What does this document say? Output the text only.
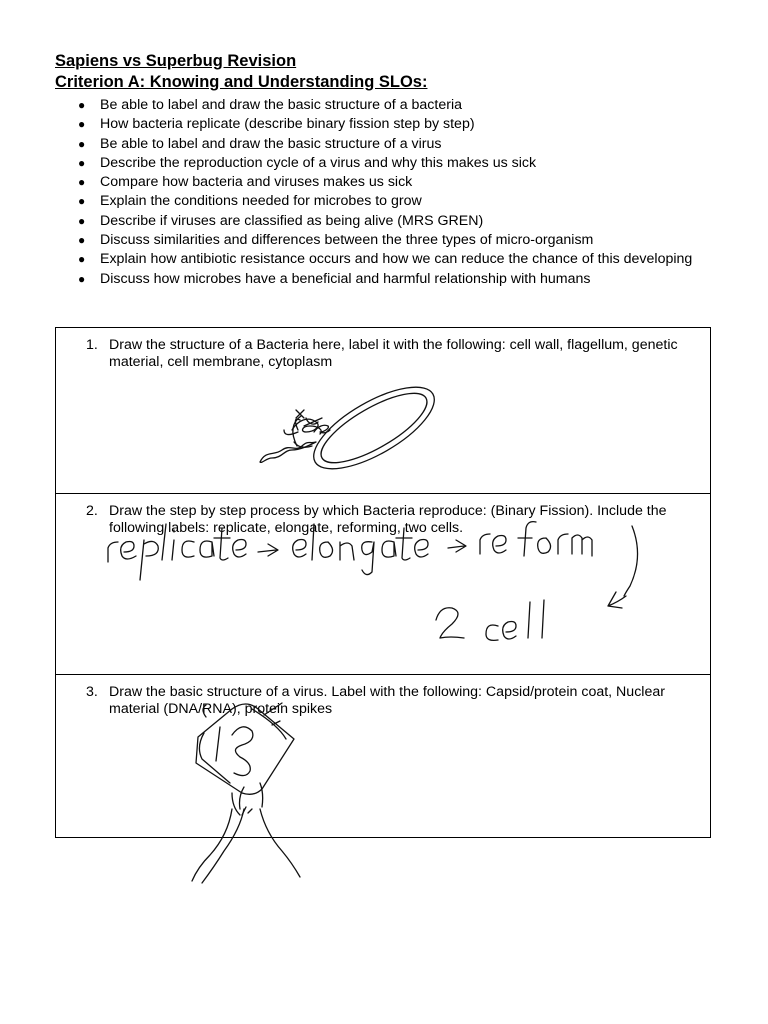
Sapiens vs Superbug Revision
Criterion A: Knowing and Understanding SLOs:
● Be able to label and draw the basic structure of a bacteria
● How bacteria replicate (describe binary fission step by step)
● Be able to label and draw the basic structure of a virus
● Describe the reproduction cycle of a virus and why this makes us sick
● Compare how bacteria and viruses makes us sick
● Explain the conditions needed for microbes to grow
● Describe if viruses are classified as being alive (MRS GREN)
● Discuss similarities and differences between the three types of micro-organism
● Explain how antibiotic resistance occurs and how we can reduce the chance of this developing
● Discuss how microbes have a beneficial and harmful relationship with humans
1. Draw the structure of a Bacteria here, label it with the following: cell wall, flagellum, genetic material, cell membrane, cytoplasm
2. Draw the step by step process by which Bacteria reproduce: (Binary Fission). Include the following labels: replicate, elongate, reforming, two cells.
3. Draw the basic structure of a virus. Label with the following: Capsid/protein coat, Nuclear material (DNA/RNA), protein spikes
